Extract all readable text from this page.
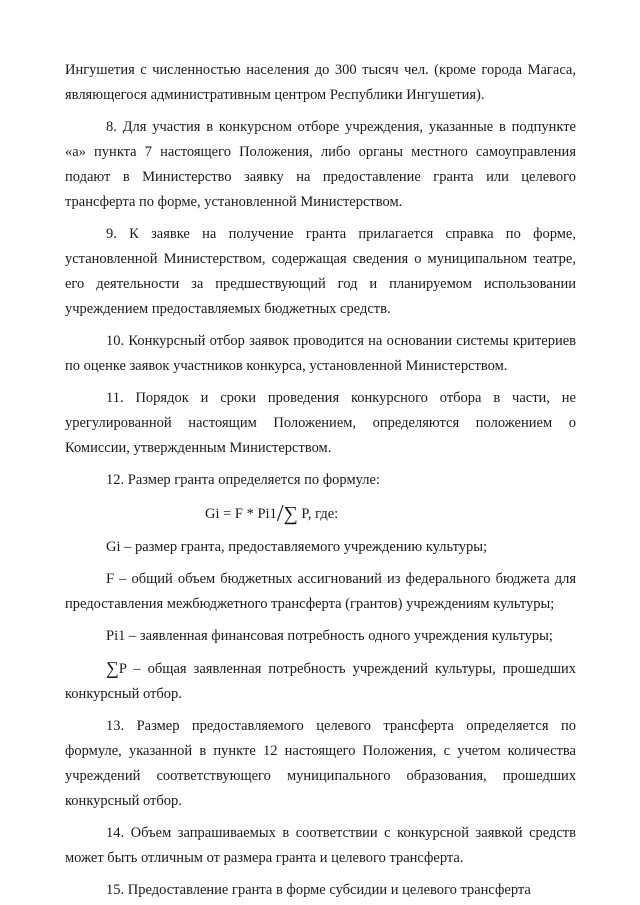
Ингушетия с численностью населения до 300 тысяч чел. (кроме города Магаса, являющегося административным центром Республики Ингушетия).

8. Для участия в конкурсном отборе учреждения, указанные в подпункте «а» пункта 7 настоящего Положения, либо органы местного самоуправления подают в Министерство заявку на предоставление гранта или целевого трансферта по форме, установленной Министерством.

9. К заявке на получение гранта прилагается справка по форме, установленной Министерством, содержащая сведения о муниципальном театре, его деятельности за предшествующий год и планируемом использовании учреждением предоставляемых бюджетных средств.

10. Конкурсный отбор заявок проводится на основании системы критериев по оценке заявок участников конкурса, установленной Министерством.

11. Порядок и сроки проведения конкурсного отбора в части, не урегулированной настоящим Положением, определяются положением о Комиссии, утвержденным Министерством.

12. Размер гранта определяется по формуле:

Gi = F * Pi1/∑ P, где:

Gi – размер гранта, предоставляемого учреждению культуры;

F – общий объем бюджетных ассигнований из федерального бюджета для предоставления межбюджетного трансферта (грантов) учреждениям культуры;

Pi1 – заявленная финансовая потребность одного учреждения культуры;

∑P – общая заявленная потребность учреждений культуры, прошедших конкурсный отбор.

13. Размер предоставляемого целевого трансферта определяется по формуле, указанной в пункте 12 настоящего Положения, с учетом количества учреждений соответствующего муниципального образования, прошедших конкурсный отбор.

14. Объем запрашиваемых в соответствии с конкурсной заявкой средств может быть отличным от размера гранта и целевого трансферта.

15. Предоставление гранта в форме субсидии и целевого трансферта
